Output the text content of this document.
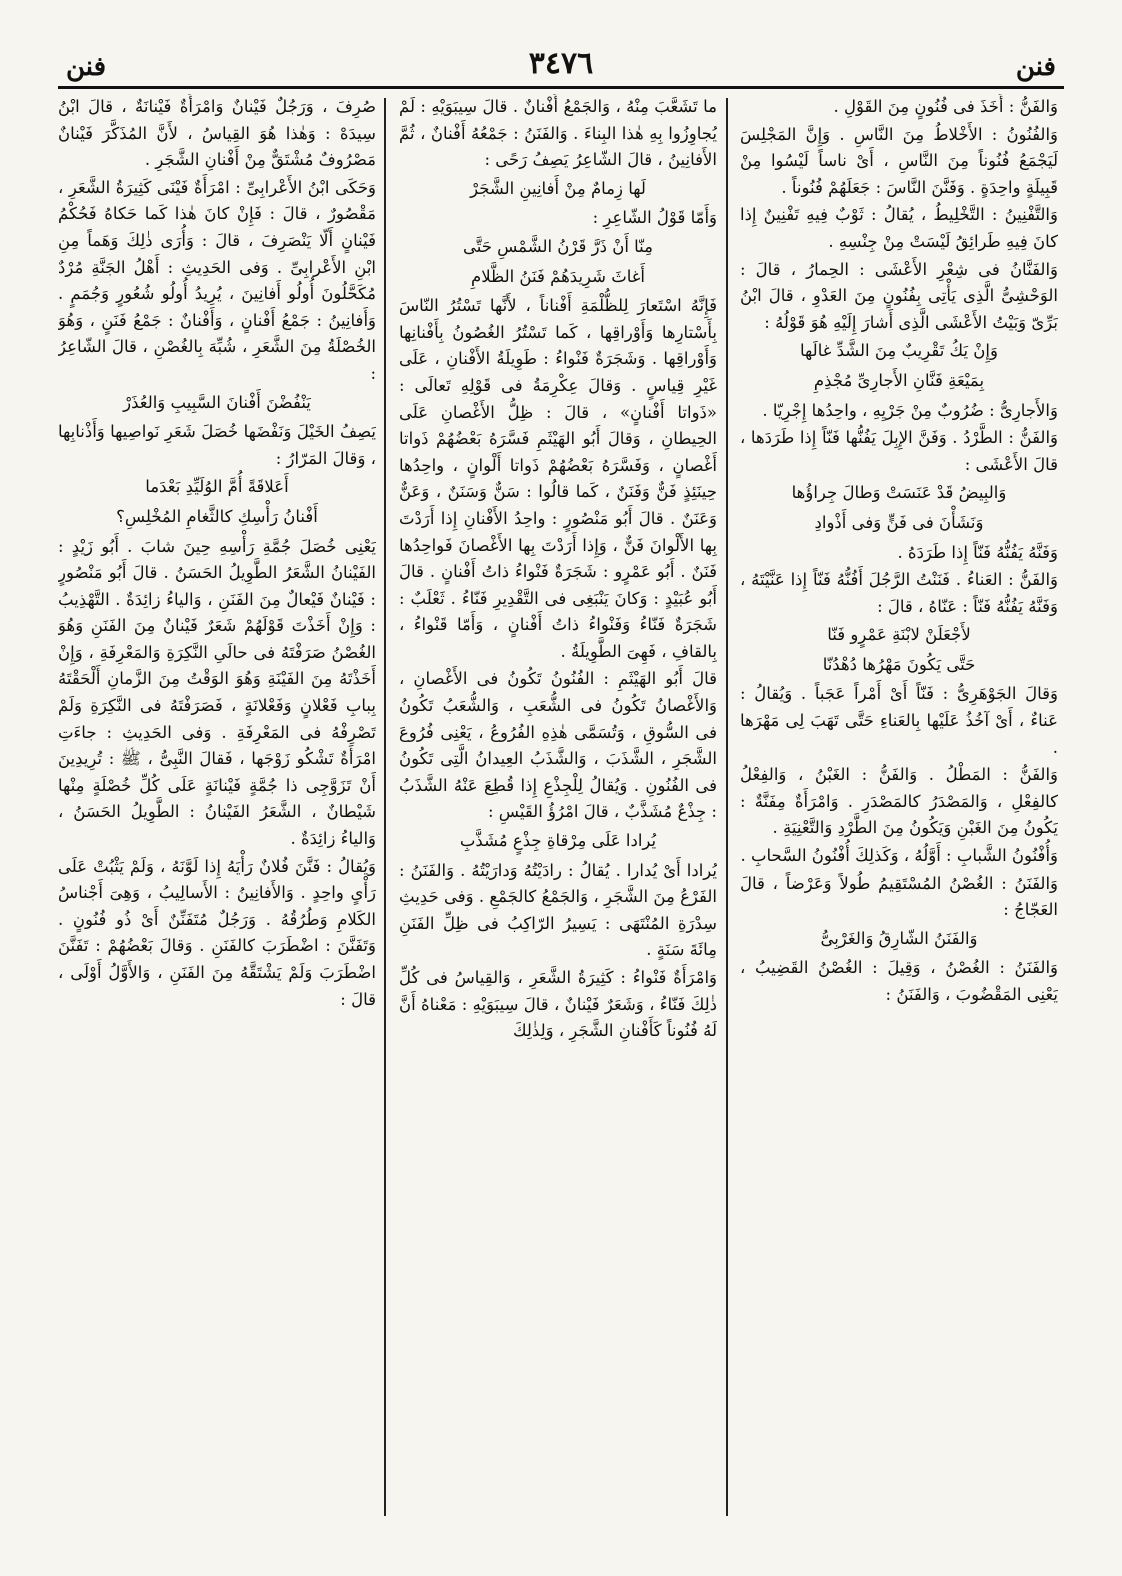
فنن
٣٤٧٦
فنن

وَالفَنُّ : أَخَذَ فى فُنُونٍ مِنَ القَوْلِ .

وَالفُنُونُ : الأَخْلاطُ مِنَ النَّاسِ . وَإِنَّ المَجْلِسَ لَيَجْمَعُ فُنُوناً مِنَ النَّاسِ ، أَىْ ناساً لَيْسُوا مِنْ قَبِيلَةٍ واحِدَةٍ . وَفَنَّنَ النَّاسَ : جَعَلَهُمْ فُنُوناً .

وَالتَّفْنِينُ : التَّخْلِيطُ ، يُقالُ : ثَوْبٌ فِيهِ تَفْنِينٌ إِذا كانَ فِيهِ طَرائِقُ لَيْسَتْ مِنْ جِنْسِهِ .

وَالفَنَّانُ فى شِعْرِ الأَعْشَى : الحِمارُ ، قالَ : الوَحْشِىُّ الَّذِى يَأْتِى بِفُنُونٍ مِنَ العَدْوِ ، قالَ ابْنُ بَرِّىّ وَبَيْتُ الأَعْشَى الَّذِى أَشارَ إِلَيْهِ هُوَ قَوْلُهُ :

وَإِنْ يَكُ تَقْرِيبٌ مِنَ الشَّدِّ غالَها

بِمَيْعَةِ فَنَّانِ الأَجارِىِّ مُجْذِمِ

وَالأَجارِىُّ : ضُرُوبٌ مِنْ جَرْيِهِ ، واحِدُها إِجْرِيّا .

وَالفَنُّ : الطَّرْدُ . وَفَنَّ الإِبِلَ يَفُنُّها فَنّاً إِذا طَرَدَها ، قالَ الأَعْشَى :

وَالبِيضُ قَدْ عَنَسَتْ وَطالَ جِراؤُها

وَنَشَأْنَ فى فَنٍّ وَفى أَذْوادِ

وَفَنَّهُ يَفُنُّهُ فَنّاً إِذا طَرَدَهُ .

وَالفَنُّ : العَناءُ . فَنَنْتُ الرَّجُلَ أَفُنُّهُ فَنّاً إِذا عَنَّيْتَهُ ، وَفَنَّهُ يَفُنُّهُ فَنّاً : عَنّاهُ ، قالَ :

لأَجْعَلَنْ لابْنَةِ عَمْرٍو فَنّا

حَتَّى يَكُونَ مَهْرُها دُهْدُنّا

وَقالَ الجَوْهَرِىُّ : فَنّاً أَىْ أَمْراً عَجَباً . وَيُقالُ : عَناءٌ ، أَىْ آخُذُ عَلَيْها بِالعَناءِ حَتَّى تَهَبَ لِى مَهْرَها .

وَالفَنُّ : المَطْلُ . وَالفَنُّ : الغَبْنُ ، وَالفِعْلُ كالفِعْلِ ، وَالمَصْدَرُ كالمَصْدَرِ . وَامْرَأَةٌ مِفَنَّةٌ : يَكُونُ مِنَ الغَبْنِ وَيَكُونُ مِنَ الطَّرْدِ وَالتَّعْنِيَةِ .

وَأُفْنُونُ الشَّبابِ : أَوَّلُهُ ، وَكَذلِكَ أُفْنُونُ السَّحابِ .

وَالفَنَنُ : الغُصْنُ المُسْتَقِيمُ طُولاً وَعَرْضاً ، قالَ العَجّاجُ :

وَالفَنَنُ الشّارِقُ وَالغَرْبِىُّ

وَالفَنَنُ : الغُصْنُ ، وَقِيلَ : الغُصْنُ القَضِيبُ ، يَعْنِى المَقْضُوبَ ، وَالفَنَنُ :

ما تَشَعَّبَ مِنْهُ ، وَالجَمْعُ أَفْنانٌ . قالَ سِيبَوَيْهِ : لَمْ يُجاوِزُوا بِهِ هٰذا البِناءَ . وَالفَنَنُ : جَمْعُهُ أَفْنانٌ ، ثُمَّ الأَفانِينُ ، قالَ الشّاعِرُ يَصِفُ رَحًى :

لَها زِمامٌ مِنْ أَفانِينِ الشَّجَرْ

وَأَمّا قَوْلُ الشّاعِرِ :

مِنّا أَنْ ذَرَّ قَرْنُ الشَّمْسِ حَتَّى

أَغاثَ شَرِيدَهُمْ فَنَنُ الظَّلامِ

فَإِنَّهُ اسْتَعارَ لِلظُّلْمَةِ أَفْناناً ، لأَنَّها تَسْتُرُ النّاسَ بِأَسْتارِها وَأَوْراقِها ، كَما تَسْتُرُ الغُصُونُ بِأَفْنانِها وَأَوْراقِها . وَشَجَرَةٌ فَنْواءُ : طَوِيلَةُ الأَفْنانِ ، عَلَى غَيْرِ قِياسٍ . وَقالَ عِكْرِمَةُ فى قَوْلِهِ تَعالَى : «ذَواتا أَفْنانٍ» ، قالَ : ظِلُّ الأَغْصانِ عَلَى الحِيطانِ ، وَقالَ أَبُو الهَيْثَمِ فَسَّرَهُ بَعْضُهُمْ ذَواتا أَغْصانٍ ، وَفَسَّرَهُ بَعْضُهُمْ ذَواتا أَلْوانٍ ، واحِدُها حِينَئِذٍ فَنٌّ وَفَنَنٌ ، كَما قالُوا : سَنٌّ وَسَنَنٌ ، وَعَنٌّ وَعَنَنٌ . قالَ أَبُو مَنْصُورٍ : واحِدُ الأَفْنانِ إِذا أَرَدْتَ بِها الأَلْوانَ فَنٌّ ، وَإِذا أَرَدْتَ بِها الأَغْصانَ فَواحِدُها فَنَنٌ . أَبُو عَمْرٍو : شَجَرَةٌ فَنْواءُ ذاتُ أَفْنانٍ . قالَ أَبُو عُبَيْدٍ : وَكانَ يَنْبَغِى فى التَّقْدِيرِ فَنّاءُ . ثَعْلَبٌ : شَجَرَةٌ فَنّاءُ وَفَنْواءُ ذاتُ أَفْنانٍ ، وَأَمّا قَنْواءُ ، بِالقافِ ، فَهِىَ الطَّوِيلَةُ .

قالَ أَبُو الهَيْثَمِ : الفُنُونُ تَكُونُ فى الأَغْصانِ ، وَالأَغْصانُ تَكُونُ فى الشُّعَبِ ، وَالشُّعَبُ تَكُونُ فى السُّوقِ ، وَتُسَمَّى هٰذِهِ الفُرُوعُ ، يَعْنِى فُرُوعَ الشَّجَرِ ، الشَّذَبَ ، وَالشَّذَبُ العِيدانُ الَّتِى تَكُونُ فى الفُنُونِ . وَيُقالُ لِلْجِذْعِ إِذا قُطِعَ عَنْهُ الشَّذَبُ : جِذْعٌ مُشَذَّبٌ ، قالَ امْرُؤُ القَيْسِ :

يُرادا عَلَى مِرْقاةِ جِذْعٍ مُشَذَّبِ

يُرادا أَىْ يُدارا . يُقالُ : رادَيْتُهُ وَدارَيْتُهُ . وَالفَنَنُ : الفَرْعُ مِنَ الشَّجَرِ ، وَالجَمْعُ كالجَمْعِ . وَفى حَدِيثِ سِدْرَةِ المُنْتَهَى : يَسِيرُ الرّاكِبُ فى ظِلِّ الفَنَنِ مِائَةَ سَنَةٍ .

وَامْرَأَةٌ فَنْواءُ : كَثِيرَةُ الشَّعَرِ ، وَالقِياسُ فى كُلِّ ذٰلِكَ فَنّاءُ ، وَشَعَرٌ فَيْنانٌ ، قالَ سِيبَوَيْهِ : مَعْناهُ أَنَّ لَهُ فُنُوناً كَأَفْنانِ الشَّجَرِ ، وَلِذٰلِكَ

صُرِفَ ، وَرَجُلٌ فَيْنانٌ وَامْرَأَةٌ فَيْنانَةٌ ، قالَ ابْنُ سِيدَهْ : وَهٰذا هُوَ القِياسُ ، لأَنَّ المُذَكَّرَ فَيْنانٌ مَصْرُوفٌ مُشْتَقٌّ مِنْ أَفْنانِ الشَّجَرِ .

وَحَكَى ابْنُ الأَعْرابِىِّ : امْرَأَةٌ فَيْنَى كَثِيرَةُ الشَّعَرِ ، مَقْصُورٌ ، قالَ : فَإِنْ كانَ هٰذا كَما حَكاهُ فَحُكْمُ فَيْنانٍ أَلّا يَنْصَرِفَ ، قالَ : وَأُرَى ذٰلِكَ وَهَماً مِنِ ابْنِ الأَعْرابِىِّ . وَفى الحَدِيثِ : أَهْلُ الجَنَّةِ مُرْدٌ مُكَحَّلُونَ أُولُو أَفانِينَ ، يُرِيدُ أُولُو شُعُورٍ وَجُمَمٍ . وَأَفانِينُ : جَمْعُ أَفْنانٍ ، وَأَفْنانٌ : جَمْعُ فَنَنٍ ، وَهُوَ الخُصْلَةُ مِنَ الشَّعَرِ ، شُبِّهَ بِالغُصْنِ ، قالَ الشّاعِرُ :

يَنْفُضْنَ أَفْنانَ السَّبِيبِ وَالعُذَرْ

يَصِفُ الخَيْلَ وَنَفْضَها خُصَلَ شَعَرِ نَواصِيها وَأَذْنابِها ، وَقالَ المَرّارُ :

أَعَلاقَةً أُمَّ الوُلَيِّدِ بَعْدَما

أَفْنانُ رَأْسِكِ كالثَّغامِ المُخْلِسِ؟

يَعْنِى خُصَلَ جُمَّةِ رَأْسِهِ حِينَ شابَ . أَبُو زَيْدٍ : الفَيْنانُ الشَّعَرُ الطَّوِيلُ الحَسَنُ . قالَ أَبُو مَنْصُورٍ : فَيْنانٌ فَيْعالٌ مِنَ الفَنَنِ ، وَالياءُ زائِدَةٌ . التَّهْذِيبُ : وَإِنْ أَخَذْتَ قَوْلَهُمْ شَعَرٌ فَيْنانٌ مِنَ الفَنَنِ وَهُوَ الغُصْنُ صَرَفْتَهُ فى حالَىِ النَّكِرَةِ وَالمَعْرِفَةِ ، وَإِنْ أَخَذْتَهُ مِنَ الفَيْنَةِ وَهُوَ الوَقْتُ مِنَ الزَّمانِ أَلْحَقْتَهُ بِبابِ فَعْلانٍ وَفَعْلانَةٍ ، فَصَرَفْتَهُ فى النَّكِرَةِ وَلَمْ تَصْرِفْهُ فى المَعْرِفَةِ . وَفى الحَدِيثِ : جاءَتِ امْرَأَةٌ تَشْكُو زَوْجَها ، فَقالَ النَّبِىُّ ، ﷺ : تُرِيدِينَ أَنْ تَزَوَّجِى ذا جُمَّةٍ فَيْنانَةٍ عَلَى كُلِّ خُصْلَةٍ مِنْها شَيْطانٌ ، الشَّعَرُ الفَيْنانُ : الطَّوِيلُ الحَسَنُ ، وَالياءُ زائِدَةٌ .

وَيُقالُ : فَنَّنَ فُلانٌ رَأْيَهُ إِذا لَوَّنَهُ ، وَلَمْ يَثْبُتْ عَلَى رَأْىٍ واحِدٍ . وَالأَفانِينُ : الأَسالِيبُ ، وَهِىَ أَجْناسُ الكَلامِ وَطُرُقُهُ . وَرَجُلٌ مُتَفَنِّنٌ أَىْ ذُو فُنُونٍ . وَتَفَنَّنَ : اضْطَرَبَ كالفَنَنِ . وَقالَ بَعْضُهُمْ : تَفَنَّنَ اضْطَرَبَ وَلَمْ يَشْتَقَّهُ مِنَ الفَنَنِ ، وَالأَوَّلُ أَوْلَى ، قالَ :
